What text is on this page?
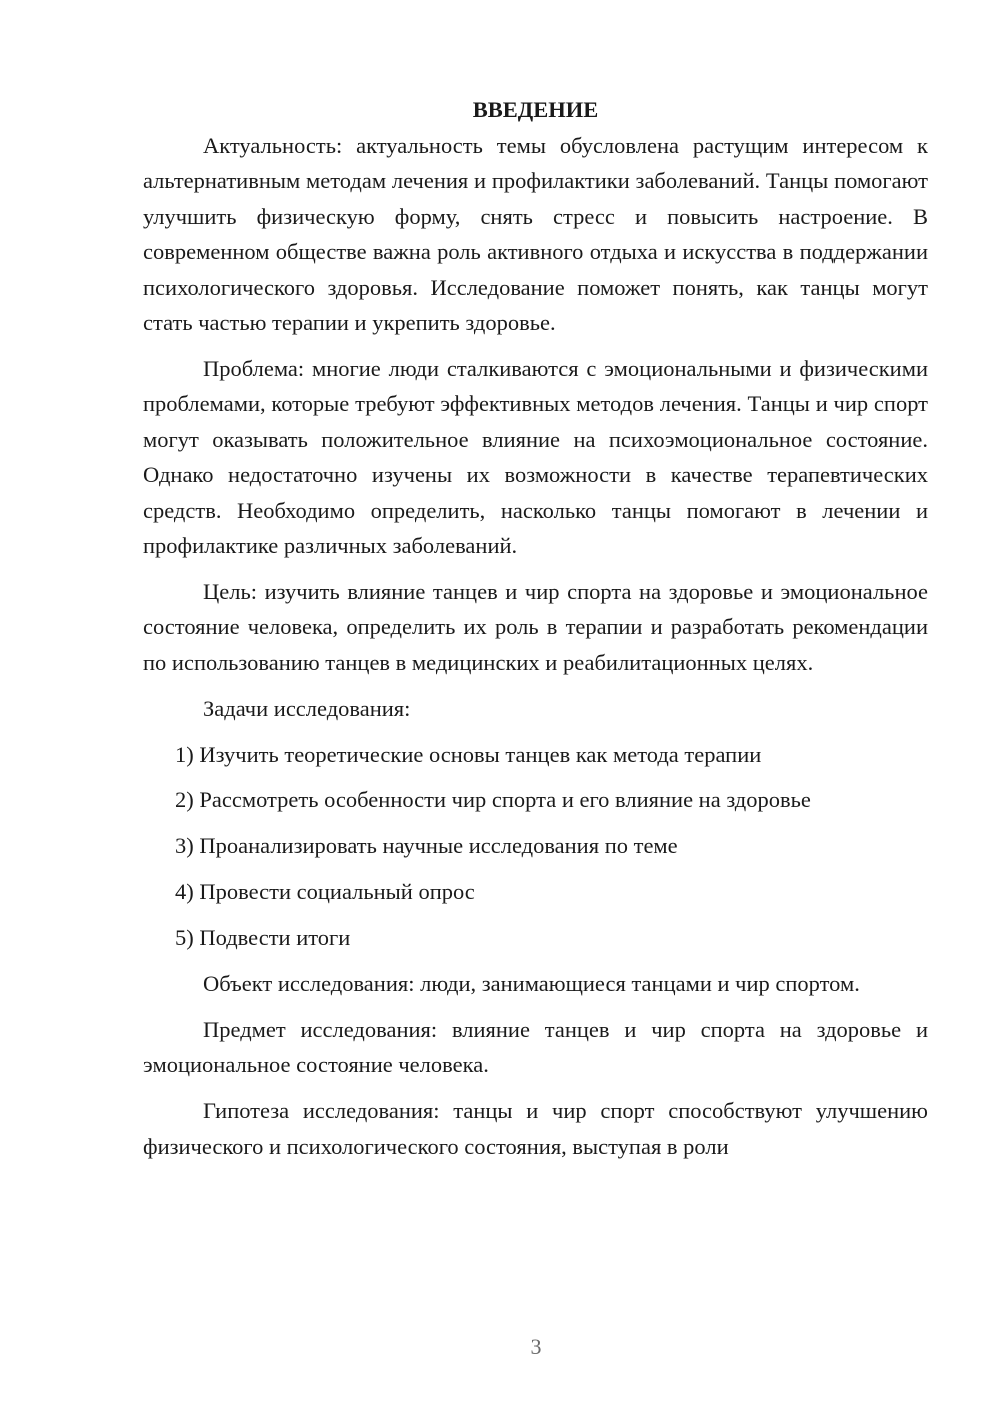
ВВЕДЕНИЕ

Актуальность: актуальность темы обусловлена растущим интересом к альтернативным методам лечения и профилактики заболеваний. Танцы помогают улучшить физическую форму, снять стресс и повысить настроение. В современном обществе важна роль активного отдыха и искусства в поддержании психологического здоровья. Исследование поможет понять, как танцы могут стать частью терапии и укрепить здоровье.

Проблема: многие люди сталкиваются с эмоциональными и физическими проблемами, которые требуют эффективных методов лечения. Танцы и чир спорт могут оказывать положительное влияние на психоэмоциональное состояние. Однако недостаточно изучены их возможности в качестве терапевтических средств. Необходимо определить, насколько танцы помогают в лечении и профилактике различных заболеваний.

Цель: изучить влияние танцев и чир спорта на здоровье и эмоциональное состояние человека, определить их роль в терапии и разработать рекомендации по использованию танцев в медицинских и реабилитационных целях.

Задачи исследования:

1) Изучить теоретические основы танцев как метода терапии
2) Рассмотреть особенности чир спорта и его влияние на здоровье
3) Проанализировать научные исследования по теме
4) Провести социальный опрос
5) Подвести итоги

Объект исследования: люди, занимающиеся танцами и чир спортом.

Предмет исследования: влияние танцев и чир спорта на здоровье и эмоциональное состояние человека.

Гипотеза исследования: танцы и чир спорт способствуют улучшению физического и психологического состояния, выступая в роли

3
